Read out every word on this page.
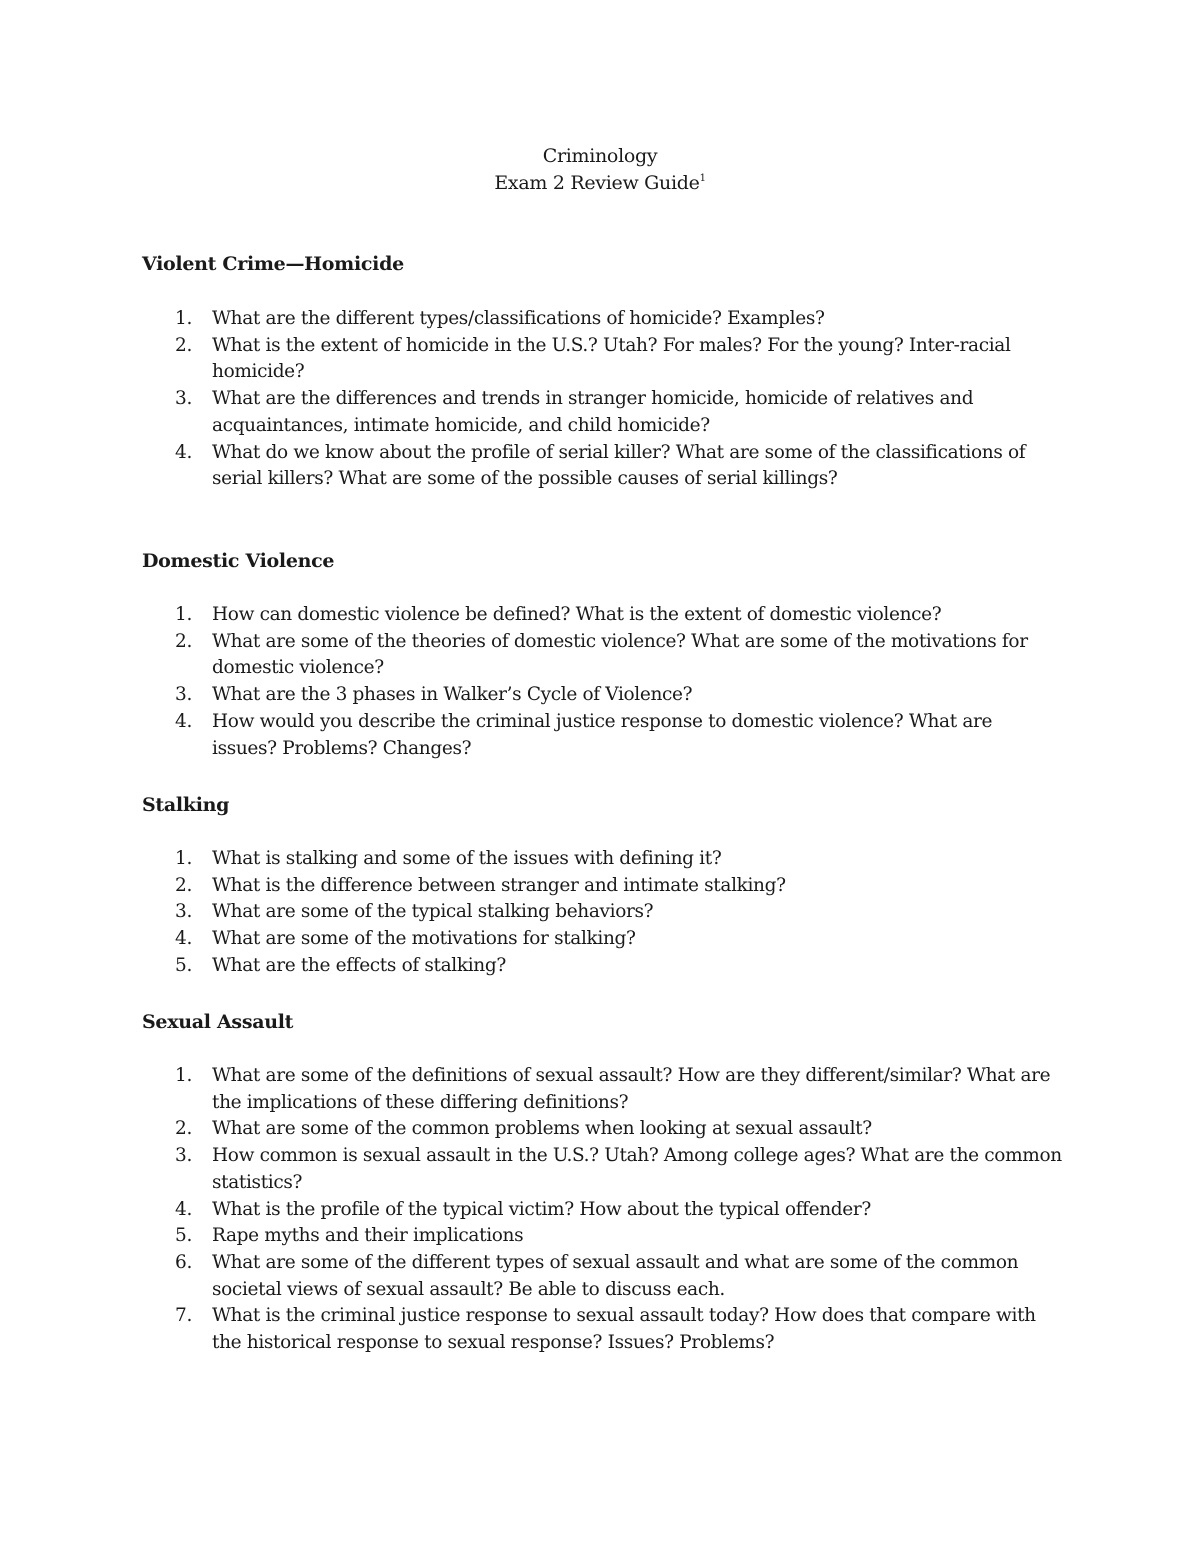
Criminology
Exam 2 Review Guide$^1$
Violent Crime—Homicide
1. What are the different types/classifications of homicide? Examples?
2. What is the extent of homicide in the U.S.? Utah? For males? For the young? Inter-racial homicide?
3. What are the differences and trends in stranger homicide, homicide of relatives and acquaintances, intimate homicide, and child homicide?
4. What do we know about the profile of serial killer? What are some of the classifications of serial killers? What are some of the possible causes of serial killings?
Domestic Violence
1. How can domestic violence be defined? What is the extent of domestic violence?
2. What are some of the theories of domestic violence? What are some of the motivations for domestic violence?
3. What are the 3 phases in Walker’s Cycle of Violence?
4. How would you describe the criminal justice response to domestic violence? What are issues? Problems? Changes?
Stalking
1. What is stalking and some of the issues with defining it?
2. What is the difference between stranger and intimate stalking?
3. What are some of the typical stalking behaviors?
4. What are some of the motivations for stalking?
5. What are the effects of stalking?
Sexual Assault
1. What are some of the definitions of sexual assault? How are they different/similar? What are the implications of these differing definitions?
2. What are some of the common problems when looking at sexual assault?
3. How common is sexual assault in the U.S.? Utah? Among college ages? What are the common statistics?
4. What is the profile of the typical victim? How about the typical offender?
5. Rape myths and their implications
6. What are some of the different types of sexual assault and what are some of the common societal views of sexual assault? Be able to discuss each.
7. What is the criminal justice response to sexual assault today? How does that compare with the historical response to sexual response? Issues? Problems?
